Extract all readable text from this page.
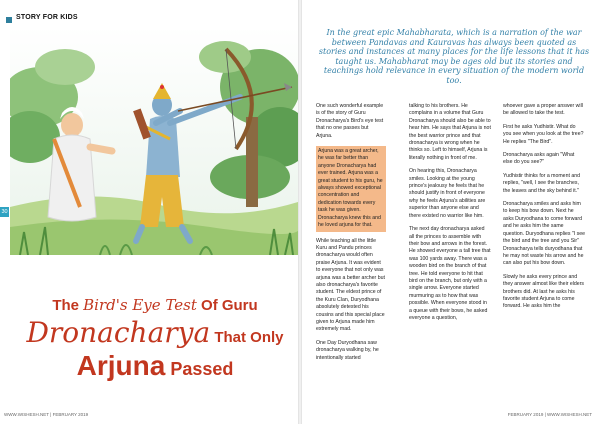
STORY FOR KIDS
30
The Bird's Eye Test Of Guru
Dronacharya That Only
Arjuna Passed
WWW.WISHESH.NET | FEBRUARY 2019	FEBRUARY 2019 | WWW.WISHESH.NET
In the great epic Mahabharata, which is a narration of the war between Pandavas and Kauravas has always been quoted as stories and instances at many places for the life lessons that it has taught us. Mahabharat may be ages old but its stories and teachings hold relevance in every situation of the modern world too.

One such wonderful example is of the story of Guru Dronacharya's Bird's eye test that no one passes but Arjuna.

Arjuna was a great archer, he was far better than anyone Dronacharya had ever trained. Arjuna was a great student to his guru, he always showed exceptional concentration and dedication towards every task he was given. Dronacharya knew this and he loved arjuna for that.

While teaching all the little Kuru and Pandu princes dronacharya would often praise Arjuna. It was evident to everyone that not only was arjuna was a better archer but also dronacharya's favorite student. The eldest prince of the Kuru Clan, Duryodhana absolutely detested his cousins and this special place given to Arjuna made him extremely mad.

One Day Duryodhana saw dronacharya walking by, he intentionally started

talking to his brothers. He complains in a volume that Guru Dronacharya should also be able to hear him. He says that Arjuna is not the best warrior prince and that dronacharya is wrong when he thinks so. Left to himself, Arjuna is literally nothing in front of me.

On hearing this, Dronacharya smiles. Looking at the young prince's jealousy he feels that he should justify in front of everyone why he feels Arjuna's abilities are superior than anyone else and there existed no warrior like him.

The next day dronacharya asked all the princes to assemble with their bow and arrows in the forest. He showed everyone a tall tree that was 100 yards away. There was a wooden bird on the branch of that tree. He told everyone to hit that bird on the branch, but only with a single arrow. Everyone started murmuring as to how that was possible. When everyone stood in a queue with their bows, he asked everyone a question,

whoever gave a proper answer will be allowed to take the test.

First he asks Yudhistir. What do you see when you look at the tree? He replies "The Bird".

Dronacharya asks again "What else do you see?"

Yudhistir thinks for a moment and replies, "well, I see the branches, the leaves and the sky behind it."

Dronacharya smiles and asks him to keep his bow down. Next he asks Duryodhana to come forward and he asks him the same question. Duryodhana replies "I see the bird and the tree and you Sir" Dronacharya tells duryodhana that he may not waste his arrow and he can also put his bow down.

Slowly he asks every prince and they answer almost like their elders brothers did. At last he asks his favorite student Arjuna to come forward. He asks him the
